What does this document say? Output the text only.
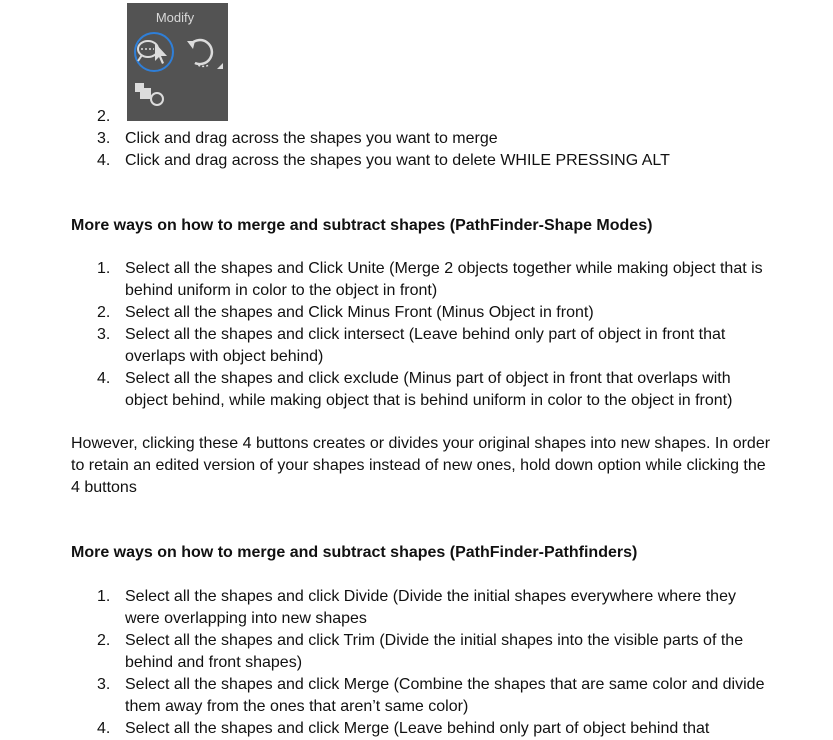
Modify
2.
3. Click and drag across the shapes you want to merge
4. Click and drag across the shapes you want to delete WHILE PRESSING ALT
More ways on how to merge and subtract shapes (PathFinder-Shape Modes)
1. Select all the shapes and Click Unite (Merge 2 objects together while making object that is behind uniform in color to the object in front)
2. Select all the shapes and Click Minus Front (Minus Object in front)
3. Select all the shapes and click intersect (Leave behind only part of object in front that overlaps with object behind)
4. Select all the shapes and click exclude (Minus part of object in front that overlaps with object behind, while making object that is behind uniform in color to the object in front)
However, clicking these 4 buttons creates or divides your original shapes into new shapes. In order to retain an edited version of your shapes instead of new ones, hold down option while clicking the 4 buttons
More ways on how to merge and subtract shapes (PathFinder-Pathfinders)
1. Select all the shapes and click Divide (Divide the initial shapes everywhere where they were overlapping into new shapes
2. Select all the shapes and click Trim (Divide the initial shapes into the visible parts of the behind and front shapes)
3. Select all the shapes and click Merge (Combine the shapes that are same color and divide them away from the ones that aren’t same color)
4. Select all the shapes and click Merge (Leave behind only part of object behind that
